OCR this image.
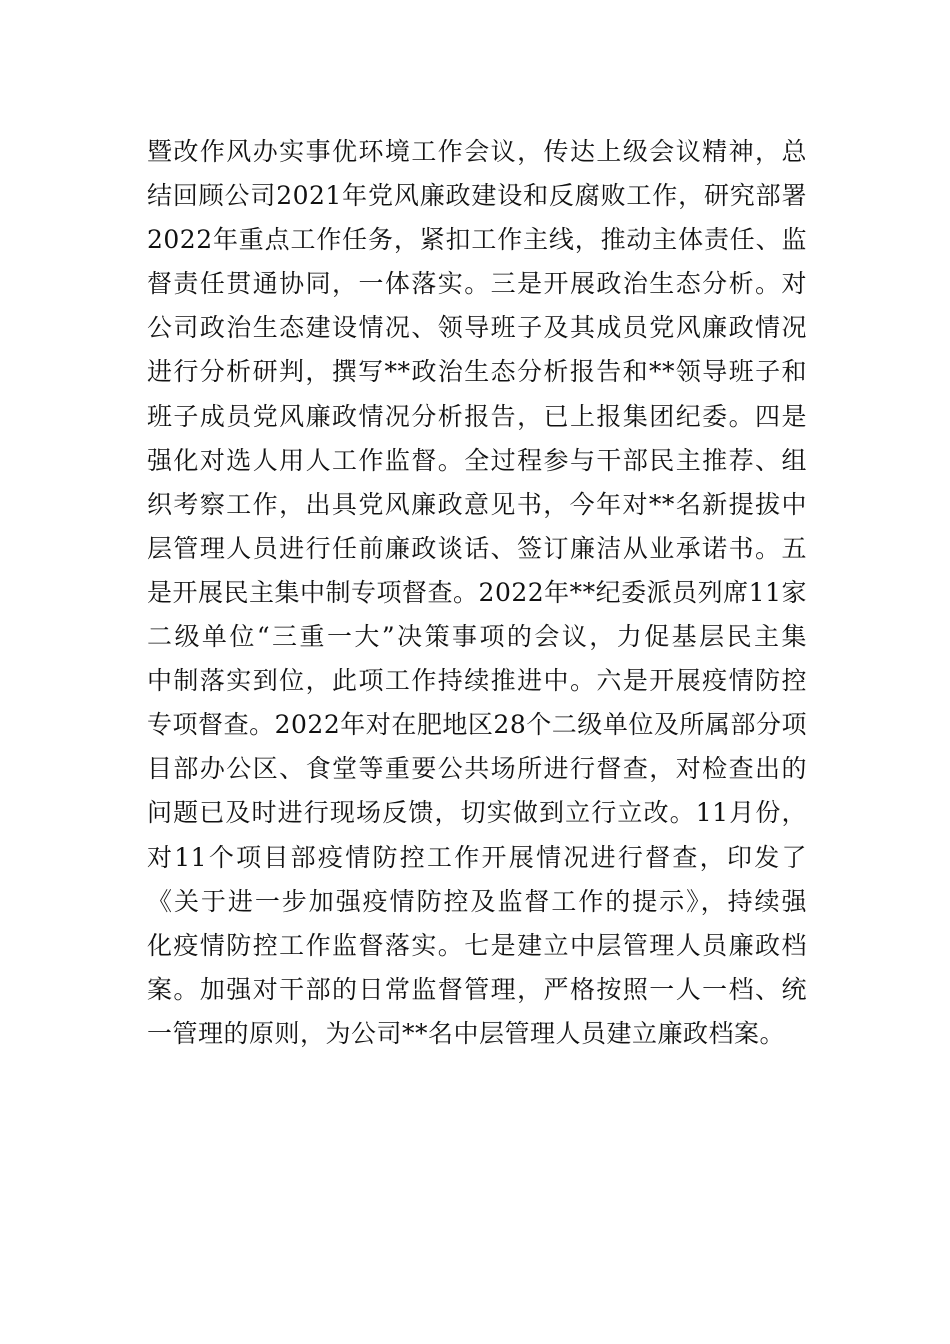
暨改作风办实事优环境工作会议，传达上级会议精神，总
结回顾公司2021年党风廉政建设和反腐败工作，研究部署
2022年重点工作任务，紧扣工作主线，推动主体责任、监
督责任贯通协同，一体落实。三是开展政治生态分析。对
公司政治生态建设情况、领导班子及其成员党风廉政情况
进行分析研判，撰写**政治生态分析报告和**领导班子和
班子成员党风廉政情况分析报告，已上报集团纪委。四是
强化对选人用人工作监督。全过程参与干部民主推荐、组
织考察工作，出具党风廉政意见书，今年对**名新提拔中
层管理人员进行任前廉政谈话、签订廉洁从业承诺书。五
是开展民主集中制专项督查。2022年**纪委派员列席11家
二级单位“三重一大”决策事项的会议，力促基层民主集
中制落实到位，此项工作持续推进中。六是开展疫情防控
专项督查。2022年对在肥地区28个二级单位及所属部分项
目部办公区、食堂等重要公共场所进行督查，对检查出的
问题已及时进行现场反馈，切实做到立行立改。11月份，
对11个项目部疫情防控工作开展情况进行督查，印发了
《关于进一步加强疫情防控及监督工作的提示》，持续强
化疫情防控工作监督落实。七是建立中层管理人员廉政档
案。加强对干部的日常监督管理，严格按照一人一档、统
一管理的原则，为公司**名中层管理人员建立廉政档案。
